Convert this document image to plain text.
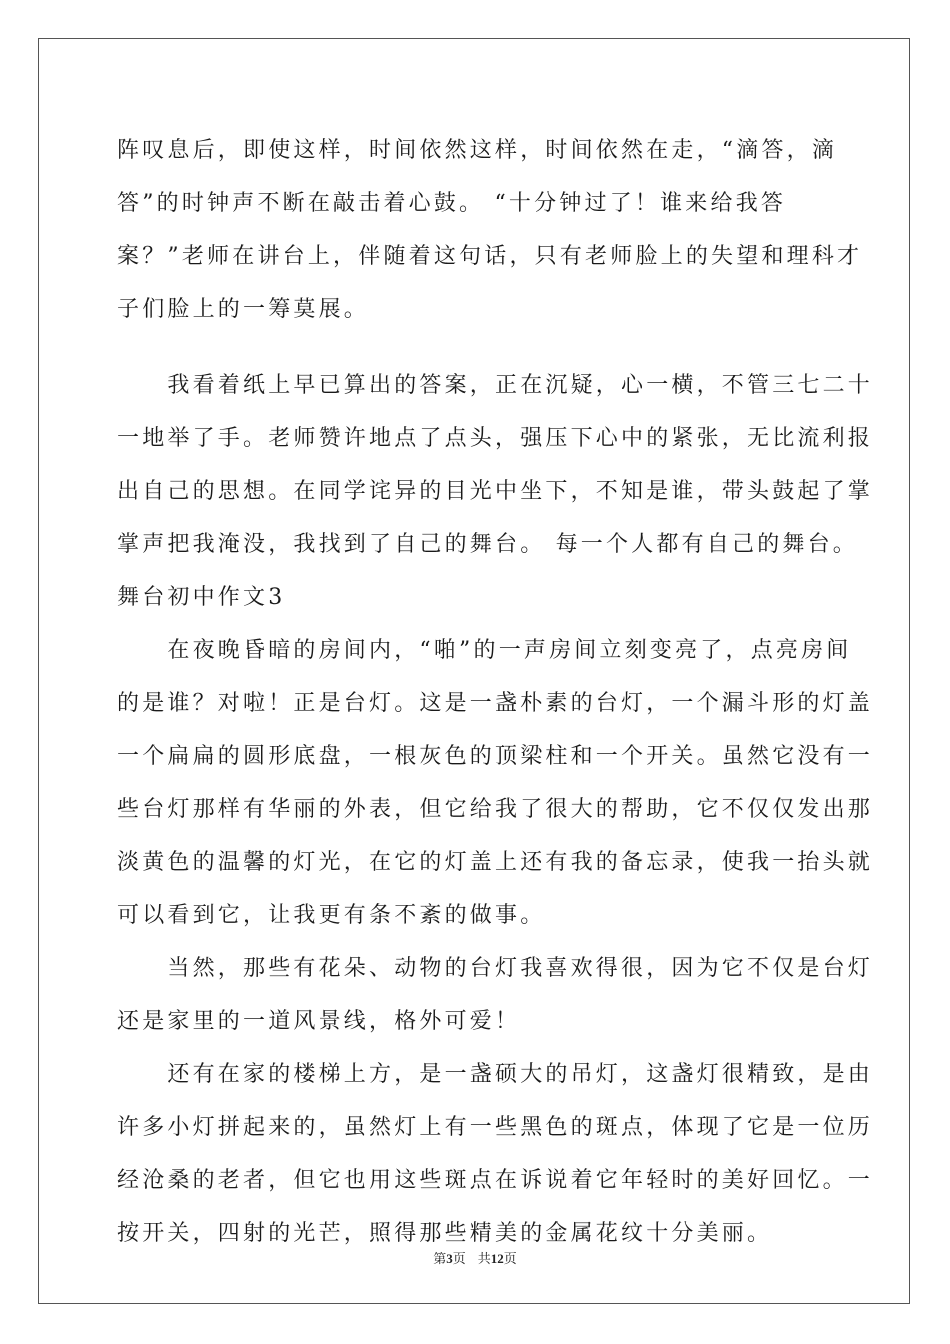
阵叹息后，即使这样，时间依然这样，时间依然在走，“滴答，滴
答”的时钟声不断在敲击着心鼓。 “十分钟过了！谁来给我答
案？”老师在讲台上，伴随着这句话，只有老师脸上的失望和理科才
子们脸上的一筹莫展。
　　我看着纸上早已算出的答案，正在沉疑，心一横，不管三七二十
一地举了手。老师赞许地点了点头，强压下心中的紧张，无比流利报
出自己的思想。在同学诧异的目光中坐下，不知是谁，带头鼓起了掌
掌声把我淹没，我找到了自己的舞台。 每一个人都有自己的舞台。
舞台初中作文3
　　在夜晚昏暗的房间内，“啪”的一声房间立刻变亮了，点亮房间
的是谁？对啦！正是台灯。这是一盏朴素的台灯，一个漏斗形的灯盖
一个扁扁的圆形底盘，一根灰色的顶梁柱和一个开关。虽然它没有一
些台灯那样有华丽的外表，但它给我了很大的帮助，它不仅仅发出那
淡黄色的温馨的灯光，在它的灯盖上还有我的备忘录，使我一抬头就
可以看到它，让我更有条不紊的做事。
　　当然，那些有花朵、动物的台灯我喜欢得很，因为它不仅是台灯
还是家里的一道风景线，格外可爱！
　　还有在家的楼梯上方，是一盏硕大的吊灯，这盏灯很精致，是由
许多小灯拼起来的，虽然灯上有一些黑色的斑点，体现了它是一位历
经沧桑的老者，但它也用这些斑点在诉说着它年轻时的美好回忆。一
按开关，四射的光芒，照得那些精美的金属花纹十分美丽。
第3页 共12页
